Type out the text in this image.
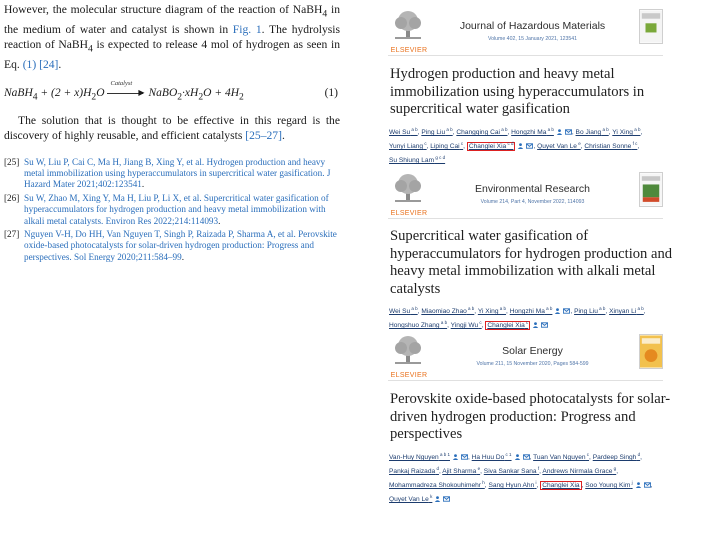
However, the molecular structure diagram of the reaction of NaBH$_4$ in the medium of water and catalyst is shown in Fig. 1. The hydrolysis reaction of NaBH$_4$ is expected to release 4 mol of hydrogen as seen in Eq. (1) [24].

NaBH$_4$ + $(2 + x)H_2O$
Catalyst
▶ $NaBO_2\cdot xH_2O + 4H_2$	(1)

The solution that is thought to be effective in this regard is the discovery of highly reusable, and efficient catalysts [25–27].

[25] Su W, Liu P, Cai C, Ma H, Jiang B, Xing Y, et al. Hydrogen production and heavy metal immobilization using hyperaccumulators in supercritical water gasification. J Hazard Mater 2021;402:123541.
[26] Su W, Zhao M, Xing Y, Ma H, Liu P, Li X, et al. Supercritical water gasification of hyperaccumulators for hydrogen production and heavy metal immobilization with alkali metal catalysts. Environ Res 2022;214:114093.
[27] Nguyen V-H, Do HH, Van Nguyen T, Singh P, Raizada P, Sharma A, et al. Perovskite oxide-based photocatalysts for solar-driven hydrogen production: Progress and perspectives. Sol Energy 2020;211:584–99.
ELSEVIER
Journal of Hazardous Materials
Volume 402, 15 January 2021, 123541
Hydrogen production and heavy metal immobilization using hyperaccumulators in supercritical water gasification
Wei Su $^{a b}$, Ping Liu $^{a b}$, Changqing Cai $^{a b}$, Hongzhi Ma $^{a b}$	, Bo Jiang $^{a b}$, Yi Xing $^{a b}$, Yunyi Liang $^c$, Liping Cai $^c$, Changlei Xia $^{c d}$	, Quyet Van Le $^e$, Christian Sonne $^{f c}$, Su Shiung Lam $^{g c d}$
ELSEVIER
Environmental Research
Volume 214, Part 4, November 2022, 114093
Supercritical water gasification of hyperaccumulators for hydrogen production and heavy metal immobilization with alkali metal catalysts
Wei Su $^{a b}$, Miaomiao Zhao $^{a b}$, Yi Xing $^{a b}$, Hongzhi Ma $^{a b}$	, Ping Liu $^{a b}$, Xinyan Li $^{a b}$, Hongshuo Zhang $^{a b}$, Yingji Wu $^c$, Changlei Xia $^c$
ELSEVIER
Solar Energy
Volume 211, 15 November 2020, Pages 584-599
Perovskite oxide-based photocatalysts for solar-driven hydrogen production: Progress and perspectives
Van-Huy Nguyen $^{a b 1}$	, Ha Huu Do $^{c 1}$	, Tuan Van Nguyen $^c$, Pardeep Singh $^d$, Pankaj Raizada $^d$, Ajit Sharma $^e$, Siva Sankar Sana $^f$, Andrews Nirmala Grace $^g$, Mohammadreza Shokouhimehr $^h$, Sang Hyun Ahn $^i$, Changlei Xia , Soo Young Kim $^j$	, Quyet Van Le $^k$
